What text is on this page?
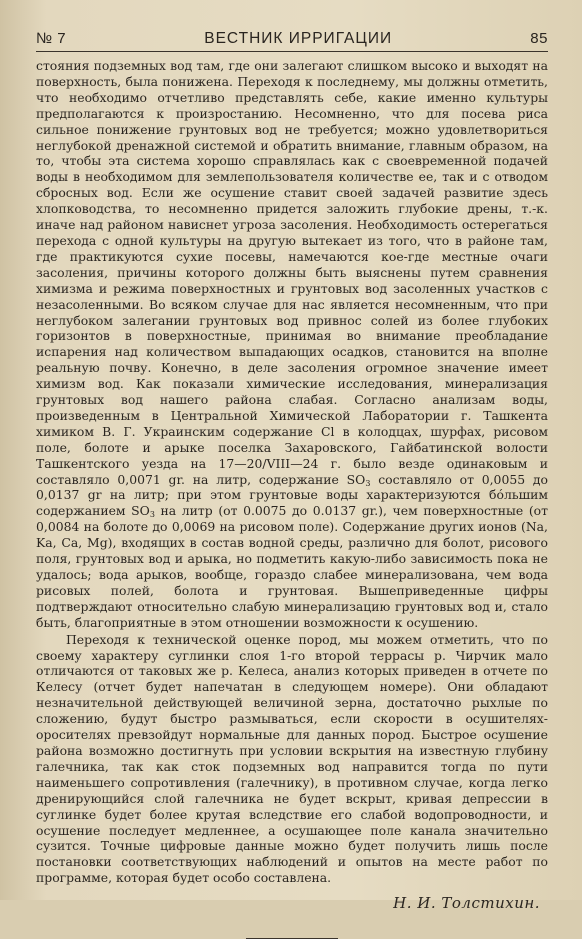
№ 7	ВЕСТНИК ИРРИГАЦИИ	85

стояния подземных вод там, где они залегают слишком высоко и выходят на поверхность, была понижена. Переходя к последнему, мы должны отметить, что необходимо отчетливо представлять себе, какие именно культуры предполагаются к произростанию. Несомненно, что для посева риса сильное понижение грунтовых вод не требуется; можно удовлетвориться неглубокой дренажной системой и обратить внимание, главным образом, на то, чтобы эта система хорошо справлялась как с своевременной подачей воды в необходимом для землепользователя количестве ее, так и с отводом сбросных вод. Если же осушение ставит своей задачей развитие здесь хлопководства, то несомненно придется заложить глубокие дрены, т.-к. иначе над районом нависнет угроза засоления. Необходимость остерегаться перехода с одной культуры на другую вытекает из того, что в районе там, где практикуются сухие посевы, намечаются кое-где местные очаги засоления, причины которого должны быть выяснены путем сравнения химизма и режима поверхностных и грунтовых вод засоленных участков с незасоленными. Во всяком случае для нас является несомненным, что при неглубоком залегании грунтовых вод привнос солей из более глубоких горизонтов в поверхностные, принимая во внимание преобладание испарения над количеством выпадающих осадков, становится на вполне реальную почву. Конечно, в деле засоления огромное значение имеет химизм вод. Как показали химические исследования, минерализация грунтовых вод нашего района слабая. Согласно анализам воды, произведенным в Центральной Химической Лаборатории г. Ташкента химиком В. Г. Украинским содержание Cl в колодцах, шурфах, рисовом поле, болоте и арыке поселка Захаровского, Гайбатинской волости Ташкентского уезда на 17—20/VIII—24 г. было везде одинаковым и составляло 0,0071 gr. на литр, содержание $SO_3$ составляло от 0,0055 до 0,0137 gr на литр; при этом грунтовые воды характеризуются бóльшим содержанием $SO_3$ на литр (от 0.0075 до 0.0137 gr.), чем поверхностные (от 0,0084 на болоте до 0,0069 на рисовом поле). Содержание других ионов (Na, Ka, Ca, Mg), входящих в состав водной среды, различно для болот, рисового поля, грунтовых вод и арыка, но подметить какую-либо зависимость пока не удалось; вода арыков, вообще, гораздо слабее минерализована, чем вода рисовых полей, болота и грунтовая. Вышеприведенные цифры подтверждают относительно слабую минерализацию грунтовых вод и, стало быть, благоприятные в этом отношении возможности к осушению.

Переходя к технической оценке пород, мы можем отметить, что по своему характеру суглинки слоя 1-го второй террасы р. Чирчик мало отличаются от таковых же р. Келеса, анализ которых приведен в отчете по Келесу (отчет будет напечатан в следующем номере). Они обладают незначительной действующей величиной зерна, достаточно рыхлые по сложению, будут быстро размываться, если скорости в осушителях-оросителях превзойдут нормальные для данных пород. Быстрое осушение района возможно достигнуть при условии вскрытия на известную глубину галечника, так как сток подземных вод направится тогда по пути наименьшего сопротивления (галечнику), в противном случае, когда легко дренирующийся слой галечника не будет вскрыт, кривая депрессии в суглинке будет более крутая вследствие его слабой водопроводности, и осушение последует медленнее, а осушающее поле канала значительно сузится. Точные цифровые данные можно будет получить лишь после постановки соответствующих наблюдений и опытов на месте работ по программе, которая будет особо составлена.

Н. И. Толстихин.
